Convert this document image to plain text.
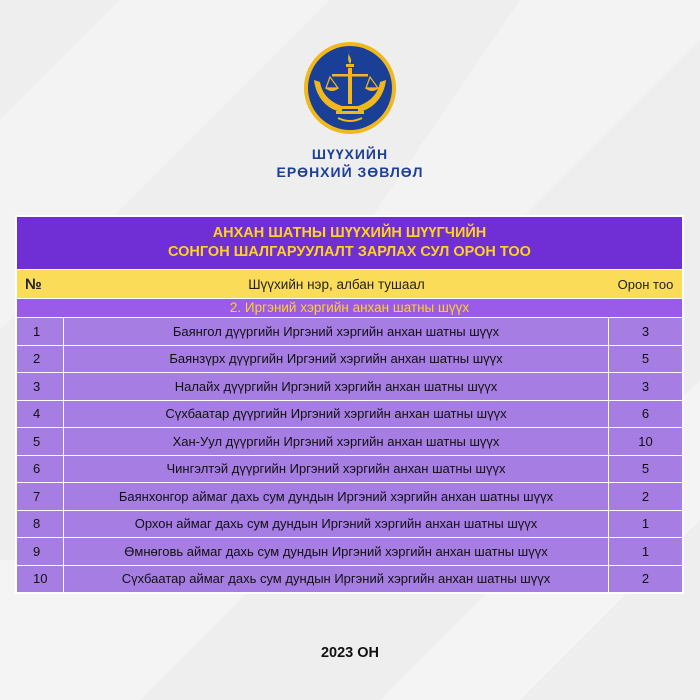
ШҮҮХИЙН
ЕРӨНХИЙ ЗӨВЛӨЛ
АНХАН ШАТНЫ ШҮҮХИЙН ШҮҮГЧИЙН
СОНГОН ШАЛГАРУУЛАЛТ ЗАРЛАХ СУЛ ОРОН ТОО
№	Шүүхийн нэр, албан тушаал	Орон тоо
2. Иргэний хэргийн анхан шатны шүүх
1	Баянгол дүүргийн Иргэний хэргийн анхан шатны шүүх	3
2	Баянзүрх дүүргийн Иргэний хэргийн анхан шатны шүүх	5
3	Налайх дүүргийн Иргэний хэргийн анхан шатны шүүх	3
4	Сүхбаатар дүүргийн Иргэний хэргийн анхан шатны шүүх	6
5	Хан-Уул дүүргийн Иргэний хэргийн анхан шатны шүүх	10
6	Чингэлтэй дүүргийн Иргэний хэргийн анхан шатны шүүх	5
7	Баянхонгор аймаг дахь сум дундын Иргэний хэргийн анхан шатны шүүх	2
8	Орхон аймаг дахь сум дундын Иргэний хэргийн анхан шатны шүүх	1
9	Өмнөговь аймаг дахь сум дундын Иргэний хэргийн анхан шатны шүүх	1
10	Сүхбаатар аймаг дахь сум дундын Иргэний хэргийн анхан шатны шүүх	2
2023 ОН
